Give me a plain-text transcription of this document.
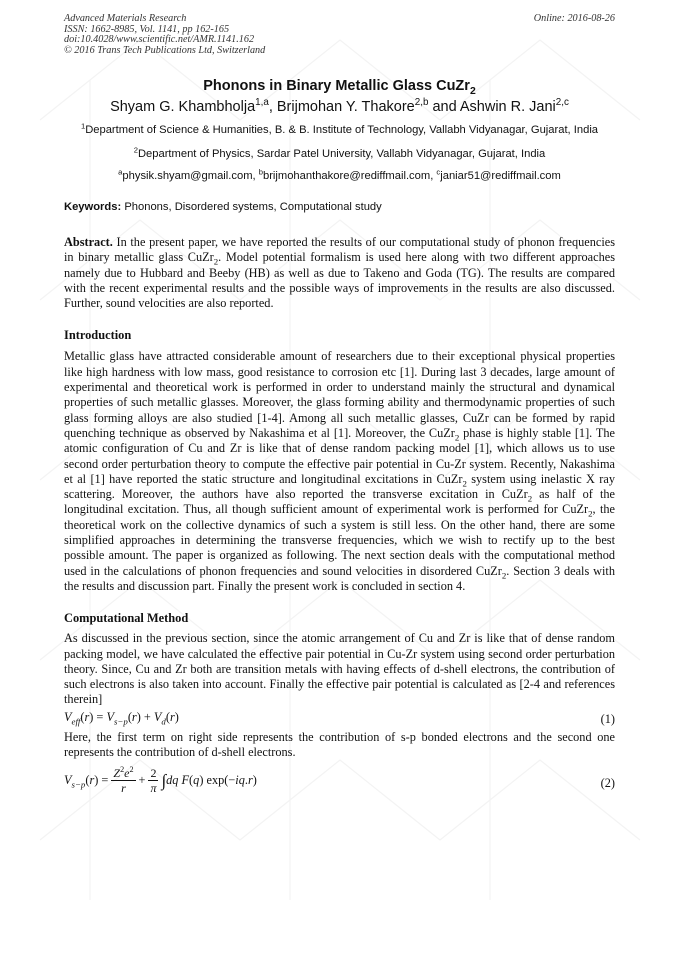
Advanced Materials Research
ISSN: 1662-8985, Vol. 1141, pp 162-165
doi:10.4028/www.scientific.net/AMR.1141.162
© 2016 Trans Tech Publications Ltd, Switzerland
Online: 2016-08-26
Phonons in Binary Metallic Glass CuZr$_2$
Shyam G. Khambholja$^{1,a}$, Brijmohan Y. Thakore$^{2,b}$ and Ashwin R. Jani$^{2,c}$
$^1$Department of Science & Humanities, B. & B. Institute of Technology, Vallabh Vidyanagar, Gujarat, India
$^2$Department of Physics, Sardar Patel University, Vallabh Vidyanagar, Gujarat, India
$^a$physik.shyam@gmail.com, $^b$brijmohanthakore@rediffmail.com, $^c$janiar51@rediffmail.com
Keywords: Phonons, Disordered systems, Computational study
Abstract. In the present paper, we have reported the results of our computational study of phonon frequencies in binary metallic glass CuZr$_2$. Model potential formalism is used here along with two different approaches namely due to Hubbard and Beeby (HB) as well as due to Takeno and Goda (TG). The results are compared with the recent experimental results and the possible ways of improvements in the results are also discussed. Further, sound velocities are also reported.
Introduction
Metallic glass have attracted considerable amount of researchers due to their exceptional physical properties like high hardness with low mass, good resistance to corrosion etc [1]. During last 3 decades, large amount of experimental and theoretical work is performed in order to understand mainly the structural and dynamical properties of such metallic glasses. Moreover, the glass forming ability and thermodynamic properties of such glass forming alloys are also studied [1-4]. Among all such metallic glasses, CuZr can be formed by rapid quenching technique as observed by Nakashima et al [1]. Moreover, the CuZr$_2$ phase is highly stable [1]. The atomic configuration of Cu and Zr is like that of dense random packing model [1], which allows us to use second order perturbation theory to compute the effective pair potential in Cu-Zr system. Recently, Nakashima et al [1] have reported the static structure and longitudinal excitations in CuZr$_2$ system using inelastic X ray scattering. Moreover, the authors have also reported the transverse excitation in CuZr$_2$ as half of the longitudinal excitation. Thus, all though sufficient amount of experimental work is performed for CuZr$_2$, the theoretical work on the collective dynamics of such a system is still less. On the other hand, there are some simplified approaches in determining the transverse frequencies, which we wish to rectify up to the best possible amount. The paper is organized as following. The next section deals with the computational method used in the calculations of phonon frequencies and sound velocities in disordered CuZr$_2$. Section 3 deals with the results and discussion part. Finally the present work is concluded in section 4.
Computational Method
As discussed in the previous section, since the atomic arrangement of Cu and Zr is like that of dense random packing model, we have calculated the effective pair potential in Cu-Zr system using second order perturbation theory. Since, Cu and Zr both are transition metals with having effects of d-shell electrons, the contribution of such electrons is also taken into account. Finally the effective pair potential is calculated as [2-4 and references therein]
$V_{eff}(r) = V_{s-p}(r) + V_d(r)$	(1)
Here, the first term on right side represents the contribution of s-p bonded electrons and the second one represents the contribution of d-shell electrons.
$V_{s-p}(r) = \frac{Z^2e^2}{r} + \frac{2}{\pi} \int dq$ F(q) exp(−iq.r)	(2)
